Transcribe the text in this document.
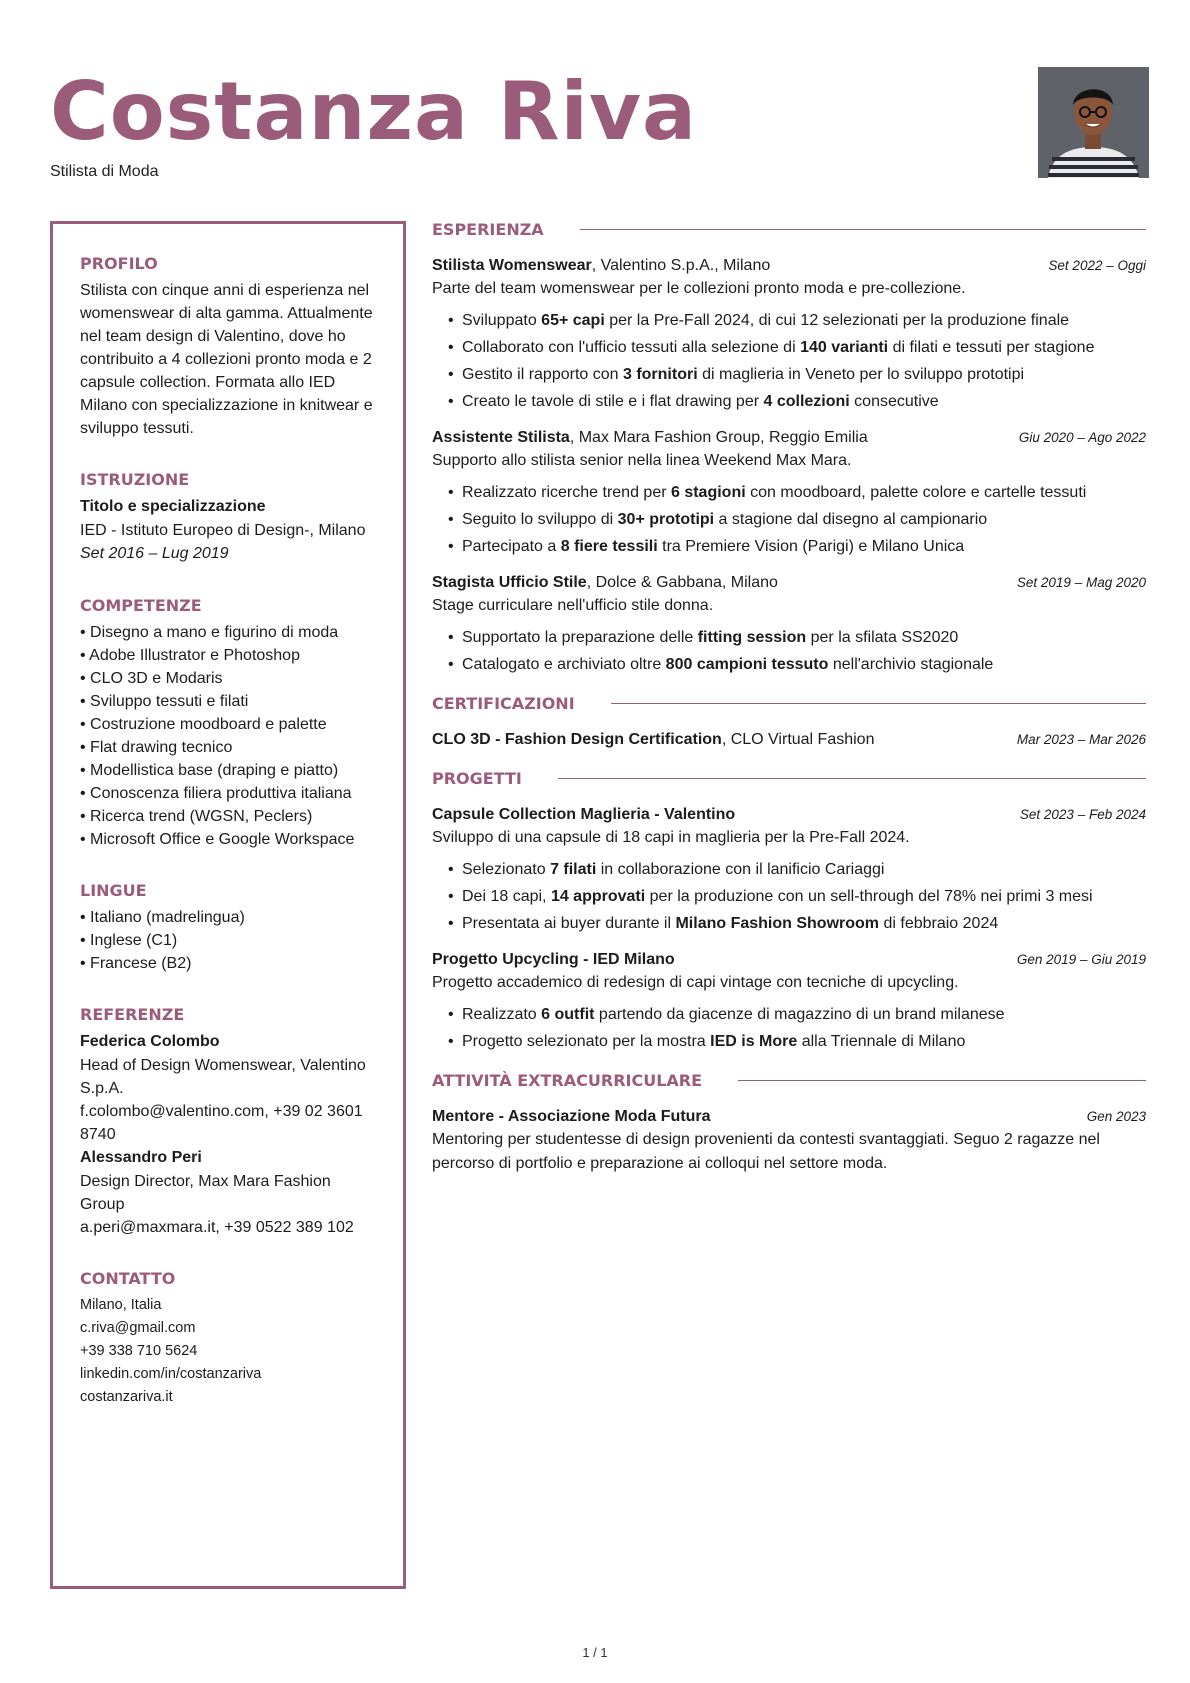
Costanza Riva
Stilista di Moda
PROFILO
Stilista con cinque anni di esperienza nel womenswear di alta gamma. Attualmente nel team design di Valentino, dove ho contribuito a 4 collezioni pronto moda e 2 capsule collection. Formata allo IED Milano con specializzazione in knitwear e sviluppo tessuti.
ISTRUZIONE
Titolo e specializzazione
IED - Istituto Europeo di Design-, Milano
Set 2016 – Lug 2019
COMPETENZE
• Disegno a mano e figurino di moda
• Adobe Illustrator e Photoshop
• CLO 3D e Modaris
• Sviluppo tessuti e filati
• Costruzione moodboard e palette
• Flat drawing tecnico
• Modellistica base (draping e piatto)
• Conoscenza filiera produttiva italiana
• Ricerca trend (WGSN, Peclers)
• Microsoft Office e Google Workspace
LINGUE
• Italiano (madrelingua)
• Inglese (C1)
• Francese (B2)
REFERENZE
Federica Colombo
Head of Design Womenswear, Valentino S.p.A.
f.colombo@valentino.com, +39 02 3601 8740
Alessandro Peri
Design Director, Max Mara Fashion Group
a.peri@maxmara.it, +39 0522 389 102
CONTATTO
Milano, Italia
c.riva@gmail.com
+39 338 710 5624
linkedin.com/in/costanzariva
costanzariva.it
ESPERIENZA
Stilista Womenswear, Valentino S.p.A., Milano	Set 2022 – Oggi
Parte del team womenswear per le collezioni pronto moda e pre-collezione.
• Sviluppato 65+ capi per la Pre-Fall 2024, di cui 12 selezionati per la produzione finale
• Collaborato con l'ufficio tessuti alla selezione di 140 varianti di filati e tessuti per stagione
• Gestito il rapporto con 3 fornitori di maglieria in Veneto per lo sviluppo prototipi
• Creato le tavole di stile e i flat drawing per 4 collezioni consecutive
Assistente Stilista, Max Mara Fashion Group, Reggio Emilia	Giu 2020 – Ago 2022
Supporto allo stilista senior nella linea Weekend Max Mara.
• Realizzato ricerche trend per 6 stagioni con moodboard, palette colore e cartelle tessuti
• Seguito lo sviluppo di 30+ prototipi a stagione dal disegno al campionario
• Partecipato a 8 fiere tessili tra Premiere Vision (Parigi) e Milano Unica
Stagista Ufficio Stile, Dolce & Gabbana, Milano	Set 2019 – Mag 2020
Stage curriculare nell'ufficio stile donna.
• Supportato la preparazione delle fitting session per la sfilata SS2020
• Catalogato e archiviato oltre 800 campioni tessuto nell'archivio stagionale
CERTIFICAZIONI
CLO 3D - Fashion Design Certification, CLO Virtual Fashion	Mar 2023 – Mar 2026
PROGETTI
Capsule Collection Maglieria - Valentino	Set 2023 – Feb 2024
Sviluppo di una capsule di 18 capi in maglieria per la Pre-Fall 2024.
• Selezionato 7 filati in collaborazione con il lanificio Cariaggi
• Dei 18 capi, 14 approvati per la produzione con un sell-through del 78% nei primi 3 mesi
• Presentata ai buyer durante il Milano Fashion Showroom di febbraio 2024
Progetto Upcycling - IED Milano	Gen 2019 – Giu 2019
Progetto accademico di redesign di capi vintage con tecniche di upcycling.
• Realizzato 6 outfit partendo da giacenze di magazzino di un brand milanese
• Progetto selezionato per la mostra IED is More alla Triennale di Milano
ATTIVITÀ EXTRACURRICULARE
Mentore - Associazione Moda Futura	Gen 2023
Mentoring per studentesse di design provenienti da contesti svantaggiati. Seguo 2 ragazze nel percorso di portfolio e preparazione ai colloqui nel settore moda.
1 / 1
